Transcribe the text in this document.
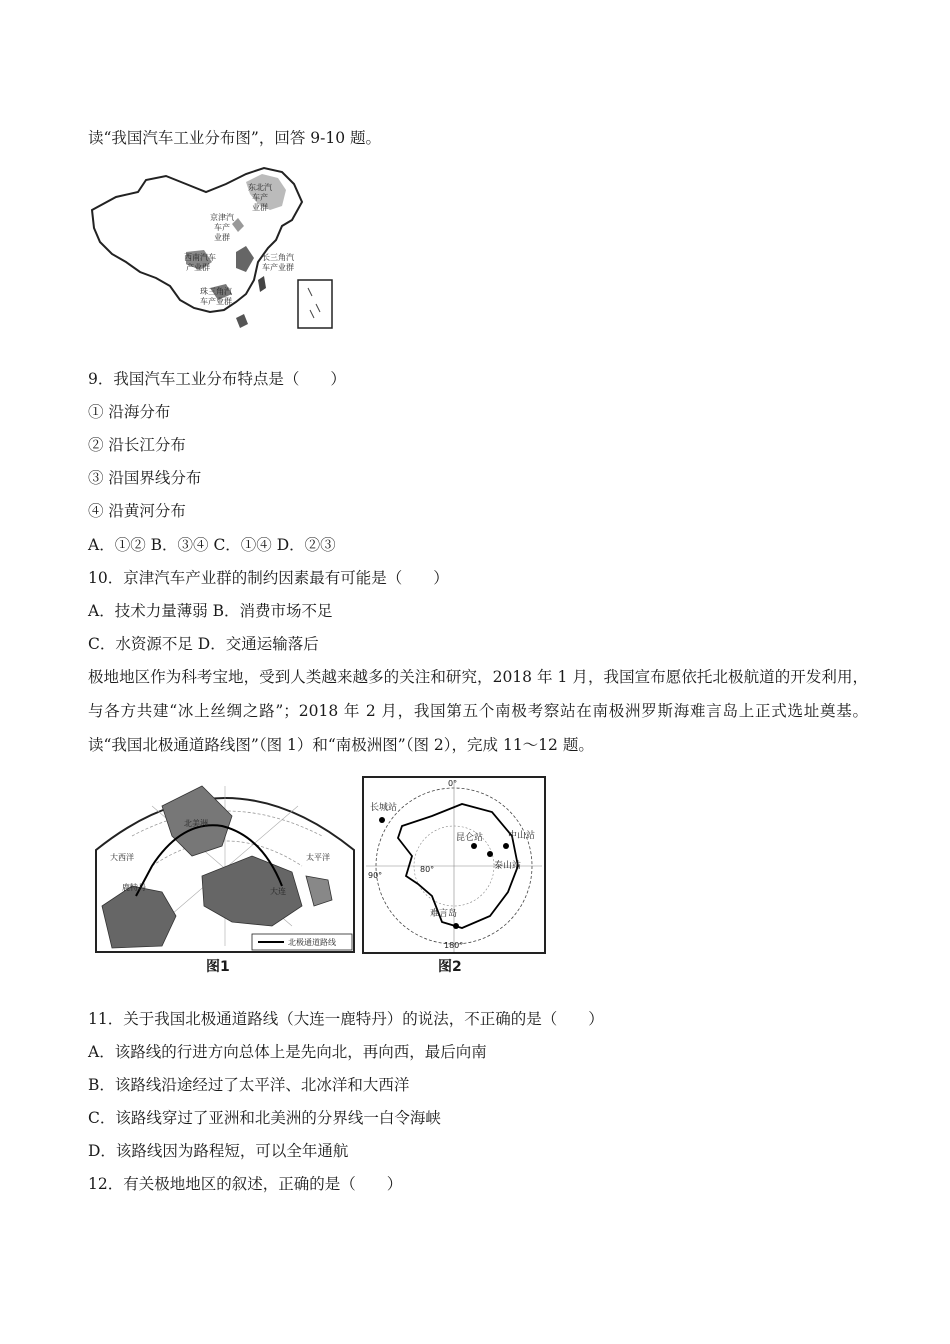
读“我国汽车工业分布图”，回答 9-10 题。
东北汽
车产
业群
京津汽
车产
业群
西南汽车
产业群
长三角汽
车产业群
珠三角汽
车产业群
9．我国汽车工业分布特点是（　　）
① 沿海分布
② 沿长江分布
③ 沿国界线分布
④ 沿黄河分布
A．①② B．③④ C．①④ D．②③
10．京津汽车产业群的制约因素最有可能是（　　）
A．技术力量薄弱 B．消费市场不足
C．水资源不足 D．交通运输落后
极地地区作为科考宝地，受到人类越来越多的关注和研究，2018 年 1 月，我国宣布愿依托北极航道的开发利用，与各方共建“冰上丝绸之路”；2018 年 2 月，我国第五个南极考察站在南极洲罗斯海难言岛上正式选址奠基。读“我国北极通道路线图”（图 1）和“南极洲图”（图 2），完成 11～12 题。
北极通道路线
北美洲
大西洋	太平洋
大连
鹿特丹
图1
0°
长城站
昆仑站	中山站
泰山站
难言岛
80°
90°
180°
图2
11．关于我国北极通道路线（大连一鹿特丹）的说法，不正确的是（　　）
A．该路线的行进方向总体上是先向北，再向西，最后向南
B．该路线沿途经过了太平洋、北冰洋和大西洋
C．该路线穿过了亚洲和北美洲的分界线一白令海峡
D．该路线因为路程短，可以全年通航
12．有关极地地区的叙述，正确的是（　　）
